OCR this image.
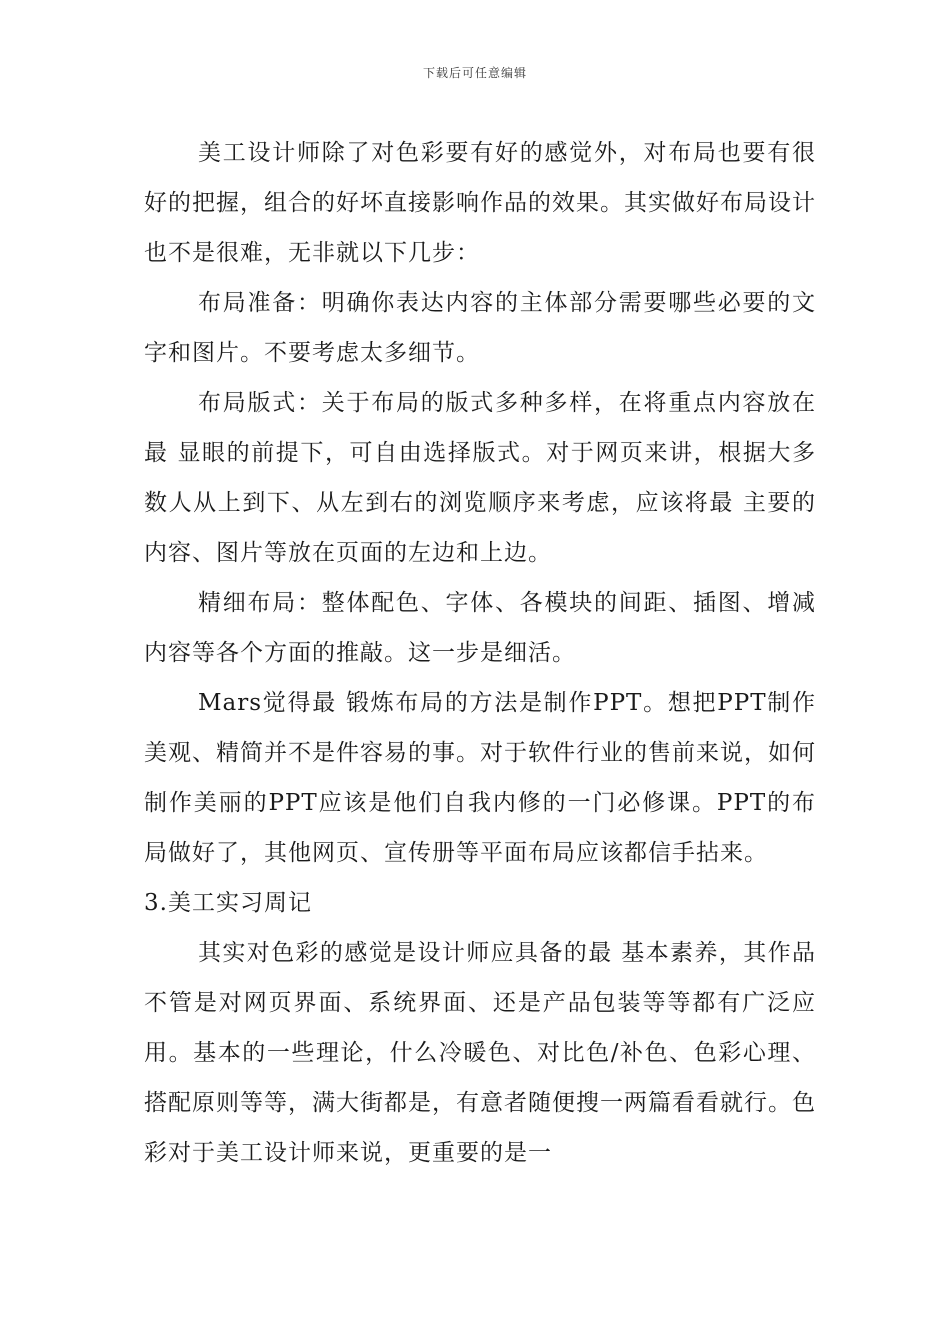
下载后可任意编辑

美工设计师除了对色彩要有好的感觉外，对布局也要有很好的把握，组合的好坏直接影响作品的效果。其实做好布局设计也不是很难，无非就以下几步：

布局准备：明确你表达内容的主体部分需要哪些必要的文字和图片。不要考虑太多细节。

布局版式：关于布局的版式多种多样，在将重点内容放在最 显眼的前提下，可自由选择版式。对于网页来讲，根据大多数人从上到下、从左到右的浏览顺序来考虑，应该将最 主要的内容、图片等放在页面的左边和上边。

精细布局：整体配色、字体、各模块的间距、插图、增减内容等各个方面的推敲。这一步是细活。

Mars觉得最 锻炼布局的方法是制作PPT。想把PPT制作美观、精简并不是件容易的事。对于软件行业的售前来说，如何制作美丽的PPT应该是他们自我内修的一门必修课。PPT的布局做好了，其他网页、宣传册等平面布局应该都信手拈来。

3.美工实习周记

其实对色彩的感觉是设计师应具备的最 基本素养，其作品不管是对网页界面、系统界面、还是产品包装等等都有广泛应用。基本的一些理论，什么冷暖色、对比色/补色、色彩心理、搭配原则等等，满大街都是，有意者随便搜一两篇看看就行。色彩对于美工设计师来说，更重要的是一
